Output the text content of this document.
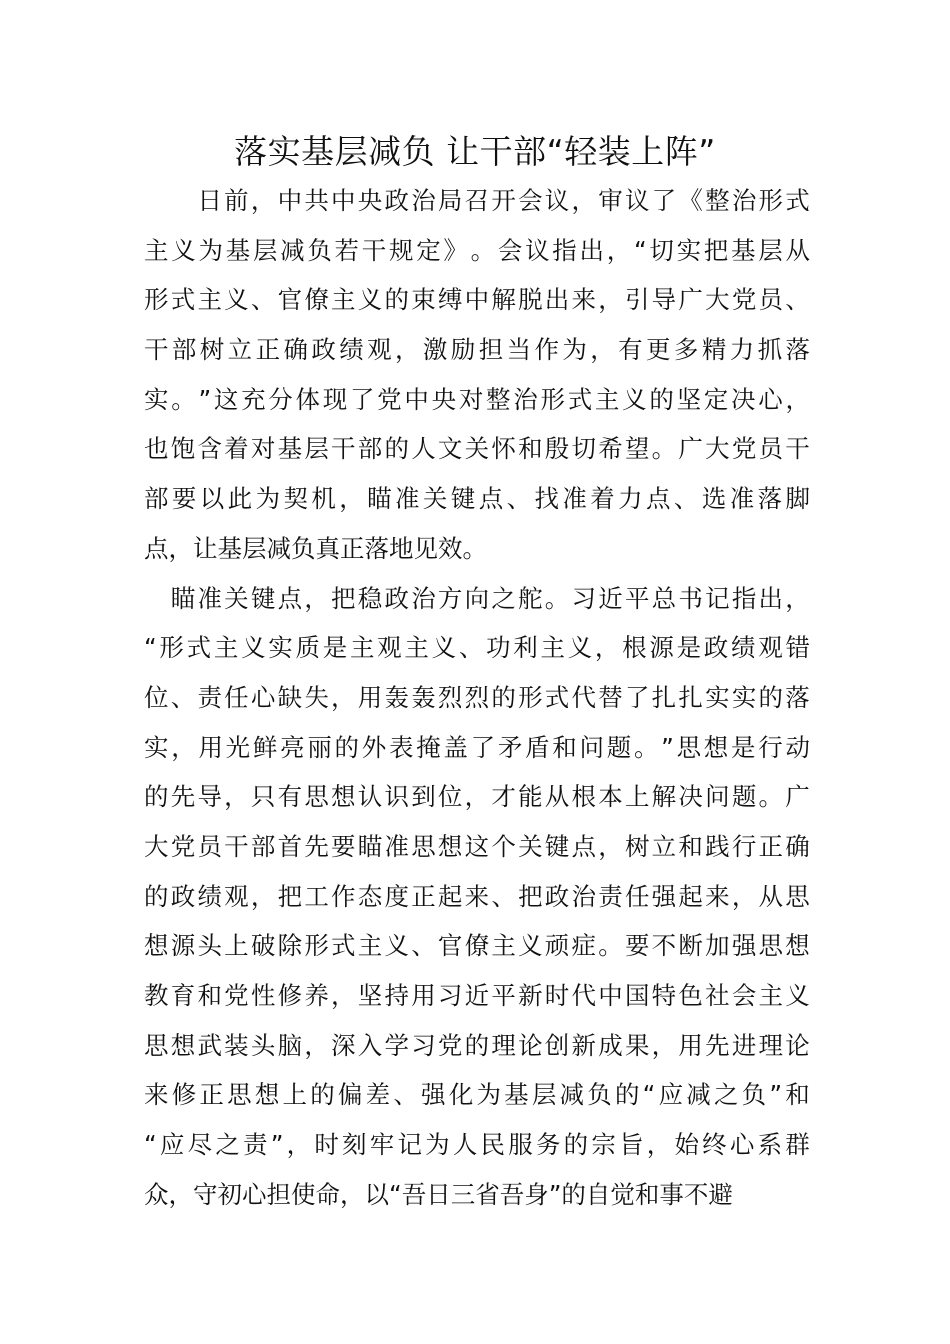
落实基层减负 让干部“轻装上阵”

日 前 ， 中 共 中 央 政 治 局 召 开 会 议 ， 审 议 了 《 整 治 形 式
主 义 为 基 层 减 负 若 干 规 定 》 。 会 议 指 出 ， “ 切 实 把 基 层 从
形 式 主 义 、 官 僚 主 义 的 束 缚 中 解 脱 出 来 ， 引 导 广 大 党 员 、
干 部 树 立 正 确 政 绩 观 ， 激 励 担 当 作 为 ， 有 更 多 精 力 抓 落
实 。 ” 这 充 分 体 现 了 党 中 央 对 整 治 形 式 主 义 的 坚 定 决 心 ，
也 饱 含 着 对 基 层 干 部 的 人 文 关 怀 和 殷 切 希 望 。 广 大 党 员 干
部 要 以 此 为 契 机 ， 瞄 准 关 键 点 、 找 准 着 力 点 、 选 准 落 脚
点 ， 让 基 层 减 负 真 正 落 地 见 效 。

瞄 准 关 键 点 ， 把 稳 政 治 方 向 之 舵 。 习 近 平 总 书 记 指 出 ，
“ 形 式 主 义 实 质 是 主 观 主 义 、 功 利 主 义 ， 根 源 是 政 绩 观 错
位 、 责 任 心 缺 失 ， 用 轰 轰 烈 烈 的 形 式 代 替 了 扎 扎 实 实 的 落
实 ， 用 光 鲜 亮 丽 的 外 表 掩 盖 了 矛 盾 和 问 题 。 ” 思 想 是 行 动
的 先 导 ， 只 有 思 想 认 识 到 位 ， 才 能 从 根 本 上 解 决 问 题 。 广
大 党 员 干 部 首 先 要 瞄 准 思 想 这 个 关 键 点 ， 树 立 和 践 行 正 确
的 政 绩 观 ， 把 工 作 态 度 正 起 来 、 把 政 治 责 任 强 起 来 ， 从 思
想 源 头 上 破 除 形 式 主 义 、 官 僚 主 义 顽 症 。 要 不 断 加 强 思 想
教 育 和 党 性 修 养 ， 坚 持 用 习 近 平 新 时 代 中 国 特 色 社 会 主 义
思 想 武 装 头 脑 ， 深 入 学 习 党 的 理 论 创 新 成 果 ， 用 先 进 理 论
来 修 正 思 想 上 的 偏 差 、 强 化 为 基 层 减 负 的 “ 应 减 之 负 ” 和
“ 应 尽 之 责 ” ， 时 刻 牢 记 为 人 民 服 务 的 宗 旨 ， 始 终 心 系 群
众 ， 守 初 心 担 使 命 ， 以 “ 吾 日 三 省 吾 身 ” 的 自 觉 和 事 不 避
